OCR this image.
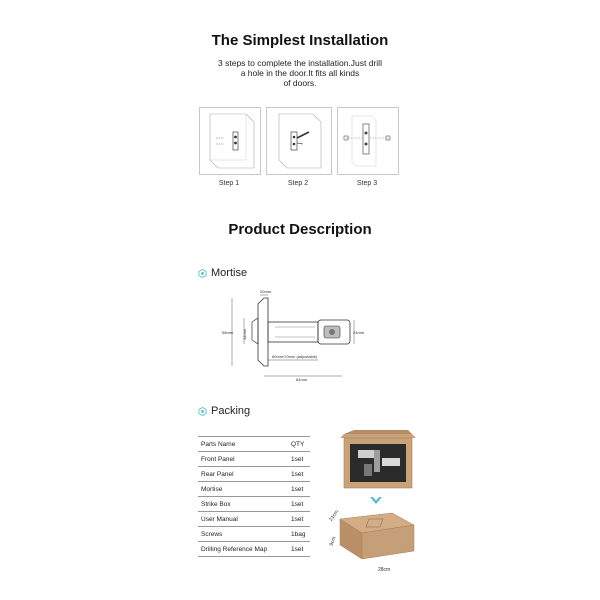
The Simplest Installation
3 steps to complete the installation.Just drill
a hole in the door.It fits all kinds
of doors.
Step 1	Step 2	Step 3
Product Description
Mortise
20mm
58mm 44mm	24mm
60mm/70mm (adjustable)
84mm
Packing
Parts Name	QTY
Front Panel	1set
Rear Panel	1set
Mortise	1set
Strike Box	1set
User Manual	1set
Screws	1bag
Drilling Reference Map	1set
21cm
9cm
28cm
